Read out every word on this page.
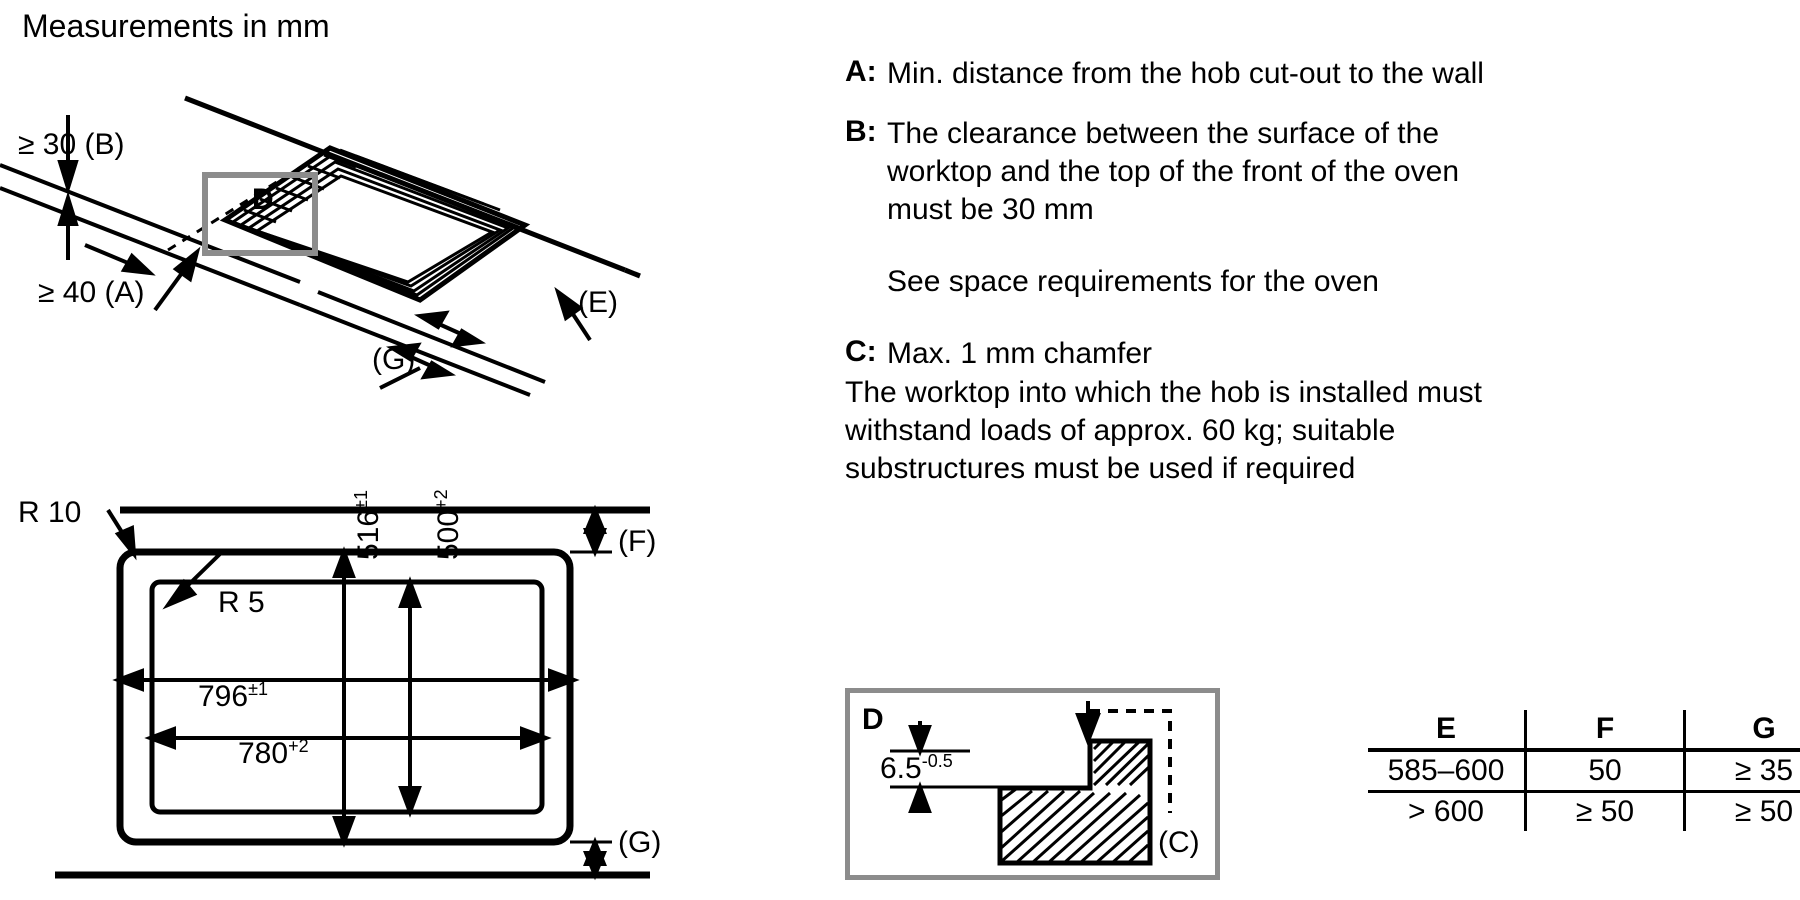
Measurements in mm
≥ 30 (B)
≥ 40 (A)	(E)
(G)
D
R 10
R 5
(F)
(G)
$796^{\pm 1}$
$780^{+2}$
$516^{\pm 1}$
$500^{+2}$
A: Min. distance from the hob cut-out to the wall
B: The clearance between the surface of the
worktop and the top of the front of the oven
must be 30 mm
See space requirements for the oven
C: Max. 1 mm chamfer
The worktop into which the hob is installed must
withstand loads of approx. 60 kg; suitable
substructures must be used if required
D
$6.5^{-0.5}$
(C)
E	F	G
585–600	50	≥ 35
> 600	≥ 50	≥ 50
